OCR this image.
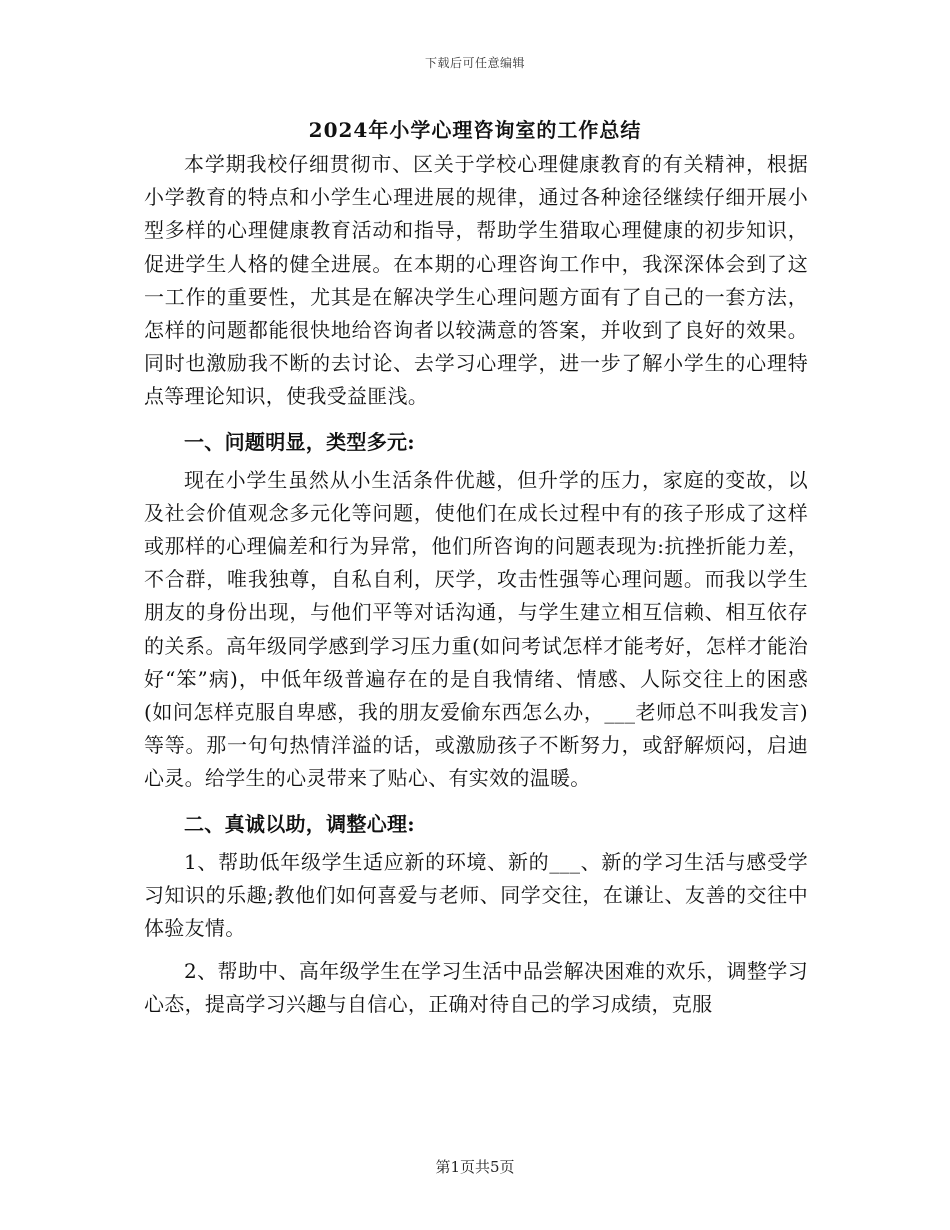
下载后可任意编辑
2024年小学心理咨询室的工作总结

本学期我校仔细贯彻市、区关于学校心理健康教育的有关精神，根据小学教育的特点和小学生心理进展的规律，通过各种途径继续仔细开展小型多样的心理健康教育活动和指导，帮助学生猎取心理健康的初步知识，促进学生人格的健全进展。在本期的心理咨询工作中，我深深体会到了这一工作的重要性，尤其是在解决学生心理问题方面有了自己的一套方法，怎样的问题都能很快地给咨询者以较满意的答案，并收到了良好的效果。同时也激励我不断的去讨论、去学习心理学，进一步了解小学生的心理特点等理论知识，使我受益匪浅。

一、问题明显，类型多元:

现在小学生虽然从小生活条件优越，但升学的压力，家庭的变故，以及社会价值观念多元化等问题，使他们在成长过程中有的孩子形成了这样或那样的心理偏差和行为异常，他们所咨询的问题表现为:抗挫折能力差，不合群，唯我独尊，自私自利，厌学，攻击性强等心理问题。而我以学生朋友的身份出现，与他们平等对话沟通，与学生建立相互信赖、相互依存的关系。高年级同学感到学习压力重(如问考试怎样才能考好，怎样才能治好“笨”病)，中低年级普遍存在的是自我情绪、情感、人际交往上的困惑(如问怎样克服自卑感，我的朋友爱偷东西怎么办，___老师总不叫我发言)等等。那一句句热情洋溢的话，或激励孩子不断努力，或舒解烦闷，启迪心灵。给学生的心灵带来了贴心、有实效的温暖。

二、真诚以助，调整心理:

1、帮助低年级学生适应新的环境、新的___、新的学习生活与感受学习知识的乐趣;教他们如何喜爱与老师、同学交往，在谦让、友善的交往中体验友情。

2、帮助中、高年级学生在学习生活中品尝解决困难的欢乐，调整学习心态，提高学习兴趣与自信心，正确对待自己的学习成绩，克服

第1页共5页
